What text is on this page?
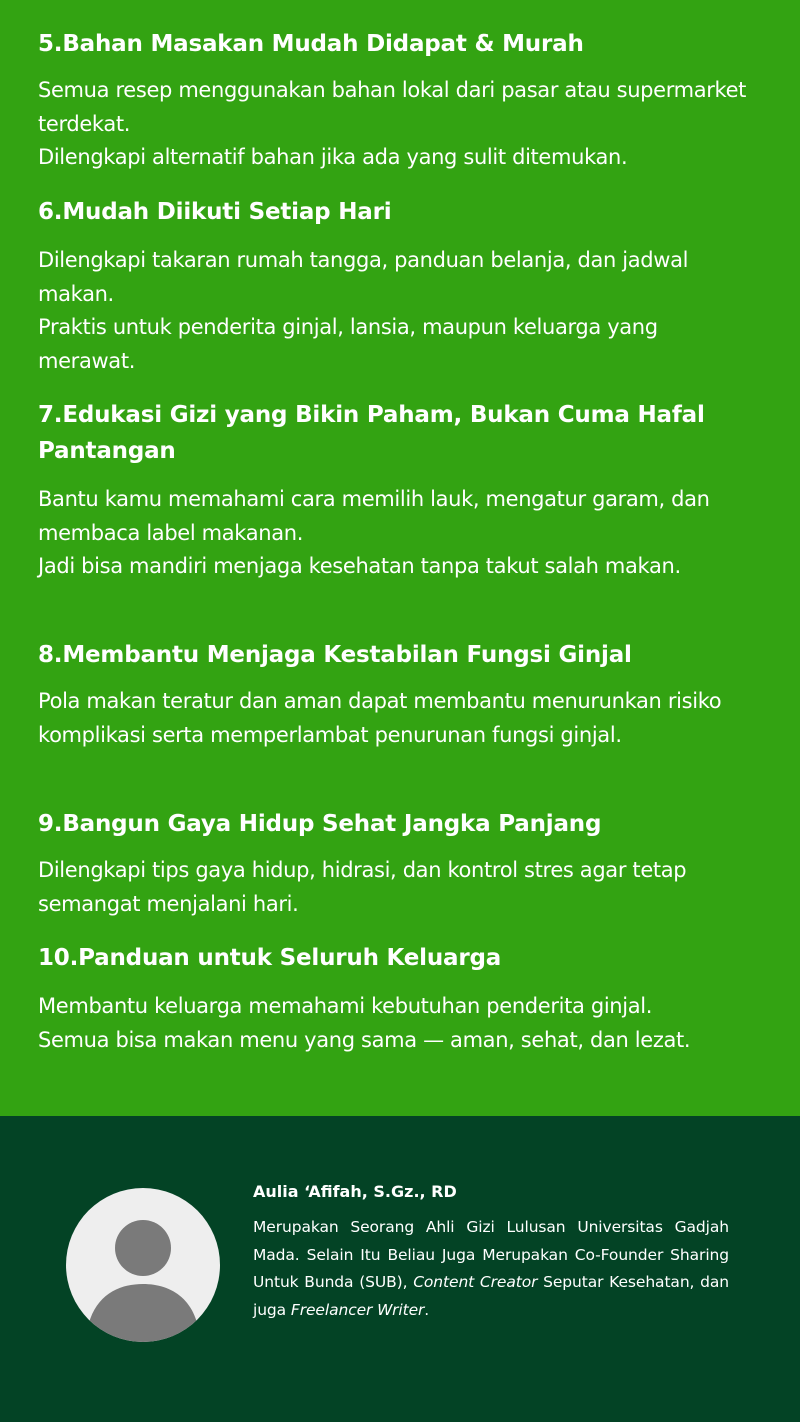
5.Bahan Masakan Mudah Didapat & Murah

Semua resep menggunakan bahan lokal dari pasar atau supermarket terdekat.
Dilengkapi alternatif bahan jika ada yang sulit ditemukan.

6.Mudah Diikuti Setiap Hari

Dilengkapi takaran rumah tangga, panduan belanja, dan jadwal makan.
Praktis untuk penderita ginjal, lansia, maupun keluarga yang merawat.

7.Edukasi Gizi yang Bikin Paham, Bukan Cuma Hafal Pantangan

Bantu kamu memahami cara memilih lauk, mengatur garam, dan membaca label makanan.
Jadi bisa mandiri menjaga kesehatan tanpa takut salah makan.

8.Membantu Menjaga Kestabilan Fungsi Ginjal

Pola makan teratur dan aman dapat membantu menurunkan risiko komplikasi serta memperlambat penurunan fungsi ginjal.

9.Bangun Gaya Hidup Sehat Jangka Panjang

Dilengkapi tips gaya hidup, hidrasi, dan kontrol stres agar tetap semangat menjalani hari.

10.Panduan untuk Seluruh Keluarga

Membantu keluarga memahami kebutuhan penderita ginjal.
Semua bisa makan menu yang sama — aman, sehat, dan lezat.

Aulia ‘Afifah, S.Gz., RD
Merupakan Seorang Ahli Gizi Lulusan Universitas Gadjah Mada. Selain Itu Beliau Juga Merupakan Co-Founder Sharing Untuk Bunda (SUB), Content Creator Seputar Kesehatan, dan juga Freelancer Writer.
